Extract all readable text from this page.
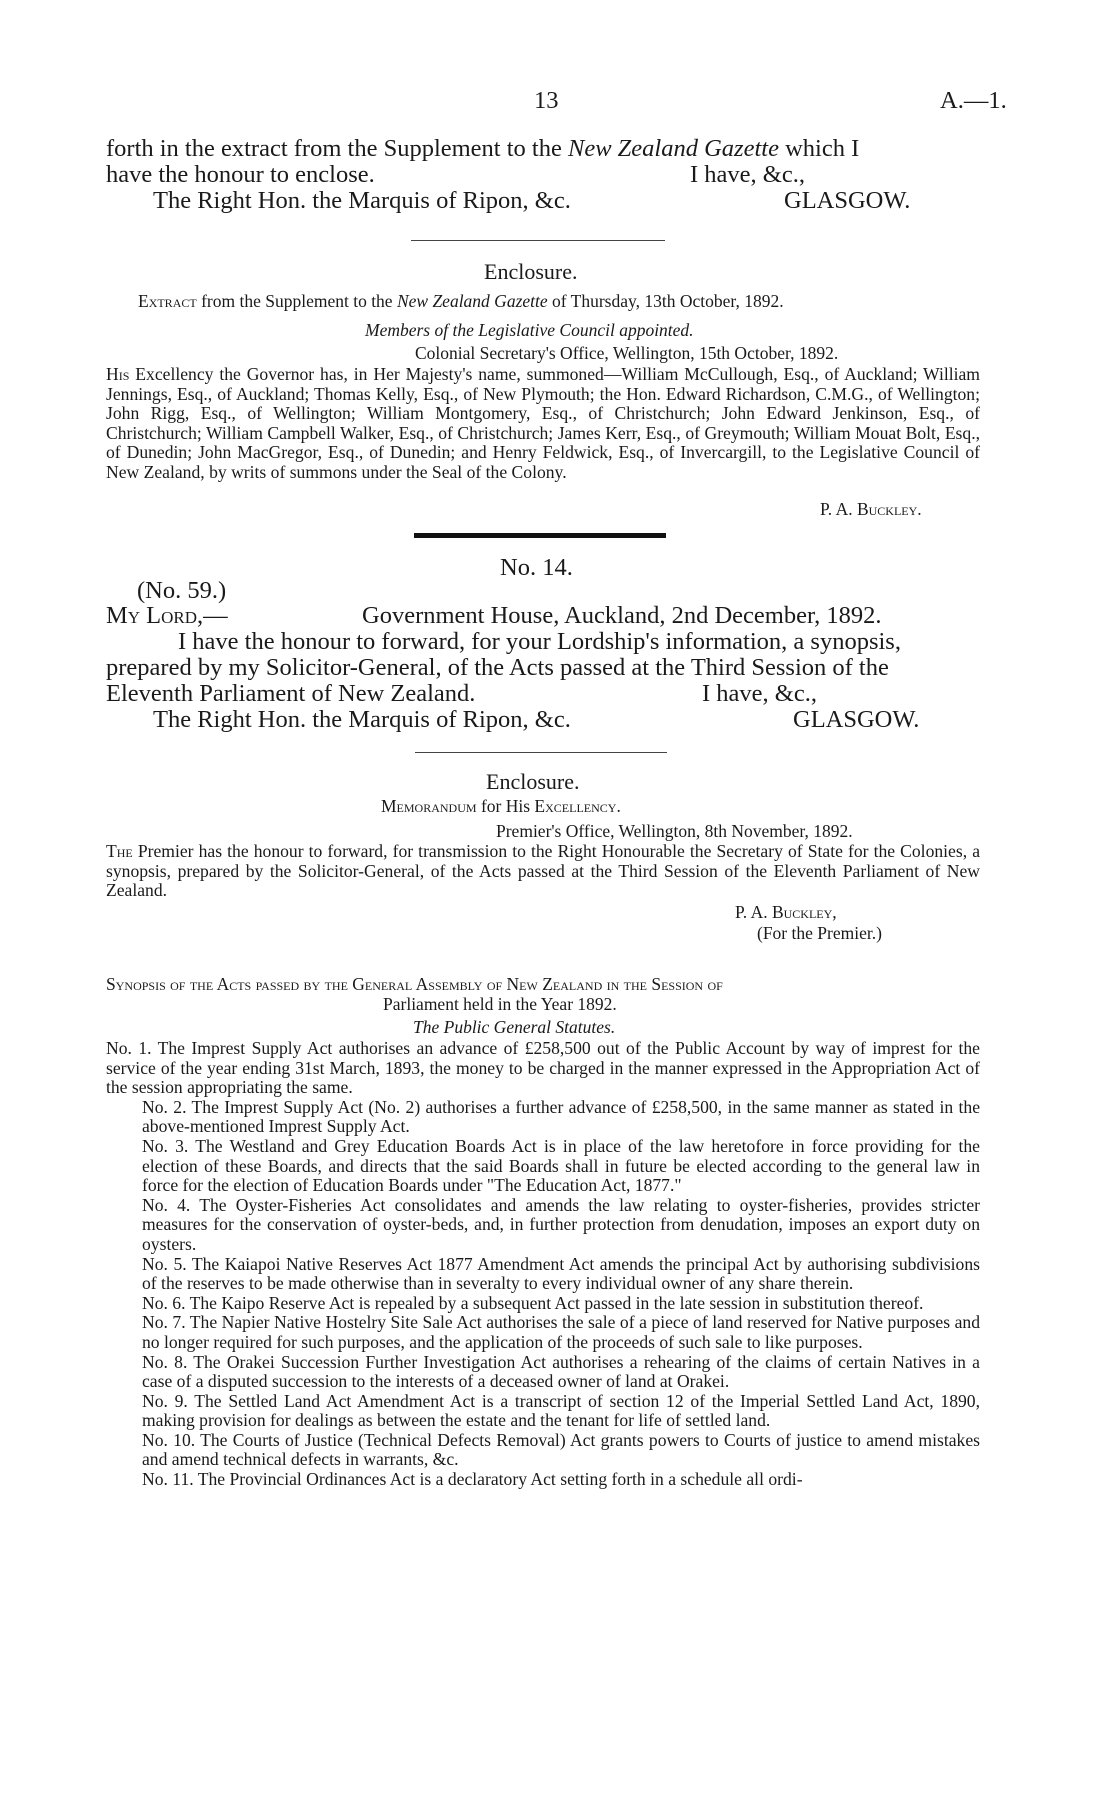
13	A.—1.
forth in the extract from the Supplement to the New Zealand Gazette which I
have the honour to enclose.	I have, &c.,
The Right Hon. the Marquis of Ripon, &c.	GLASGOW.
Enclosure.
Extract from the Supplement to the New Zealand Gazette of Thursday, 13th October, 1892.
Members of the Legislative Council appointed.
Colonial Secretary's Office, Wellington, 15th October, 1892.
His Excellency the Governor has, in Her Majesty's name, summoned—William McCullough, Esq., of Auckland; William Jennings, Esq., of Auckland; Thomas Kelly, Esq., of New Plymouth; the Hon. Edward Richardson, C.M.G., of Wellington; John Rigg, Esq., of Wellington; William Montgomery, Esq., of Christchurch; John Edward Jenkinson, Esq., of Christchurch; William Campbell Walker, Esq., of Christchurch; James Kerr, Esq., of Greymouth; William Mouat Bolt, Esq., of Dunedin; John MacGregor, Esq., of Dunedin; and Henry Feldwick, Esq., of Invercargill, to the Legislative Council of New Zealand, by writs of summons under the Seal of the Colony.
P. A. Buckley.
No. 14.
(No. 59.)
My Lord,—	Government House, Auckland, 2nd December, 1892.
I have the honour to forward, for your Lordship's information, a synopsis,
prepared by my Solicitor-General, of the Acts passed at the Third Session of the
Eleventh Parliament of New Zealand.	I have, &c.,
The Right Hon. the Marquis of Ripon, &c.	GLASGOW.
Enclosure.
Memorandum for His Excellency.
Premier's Office, Wellington, 8th November, 1892.
The Premier has the honour to forward, for transmission to the Right Honourable the Secretary of State for the Colonies, a synopsis, prepared by the Solicitor-General, of the Acts passed at the Third Session of the Eleventh Parliament of New Zealand.
P. A. Buckley,
(For the Premier.)
Synopsis of the Acts passed by the General Assembly of New Zealand in the Session of
Parliament held in the Year 1892.
The Public General Statutes.
No. 1. The Imprest Supply Act authorises an advance of £258,500 out of the Public Account by way of imprest for the service of the year ending 31st March, 1893, the money to be charged in the manner expressed in the Appropriation Act of the session appropriating the same.
No. 2. The Imprest Supply Act (No. 2) authorises a further advance of £258,500, in the same manner as stated in the above-mentioned Imprest Supply Act.
No. 3. The Westland and Grey Education Boards Act is in place of the law heretofore in force providing for the election of these Boards, and directs that the said Boards shall in future be elected according to the general law in force for the election of Education Boards under "The Education Act, 1877."
No. 4. The Oyster-Fisheries Act consolidates and amends the law relating to oyster-fisheries, provides stricter measures for the conservation of oyster-beds, and, in further protection from denudation, imposes an export duty on oysters.
No. 5. The Kaiapoi Native Reserves Act 1877 Amendment Act amends the principal Act by authorising subdivisions of the reserves to be made otherwise than in severalty to every individual owner of any share therein.
No. 6. The Kaipo Reserve Act is repealed by a subsequent Act passed in the late session in substitution thereof.
No. 7. The Napier Native Hostelry Site Sale Act authorises the sale of a piece of land reserved for Native purposes and no longer required for such purposes, and the application of the proceeds of such sale to like purposes.
No. 8. The Orakei Succession Further Investigation Act authorises a rehearing of the claims of certain Natives in a case of a disputed succession to the interests of a deceased owner of land at Orakei.
No. 9. The Settled Land Act Amendment Act is a transcript of section 12 of the Imperial Settled Land Act, 1890, making provision for dealings as between the estate and the tenant for life of settled land.
No. 10. The Courts of Justice (Technical Defects Removal) Act grants powers to Courts of justice to amend mistakes and amend technical defects in warrants, &c.
No. 11. The Provincial Ordinances Act is a declaratory Act setting forth in a schedule all ordi-
